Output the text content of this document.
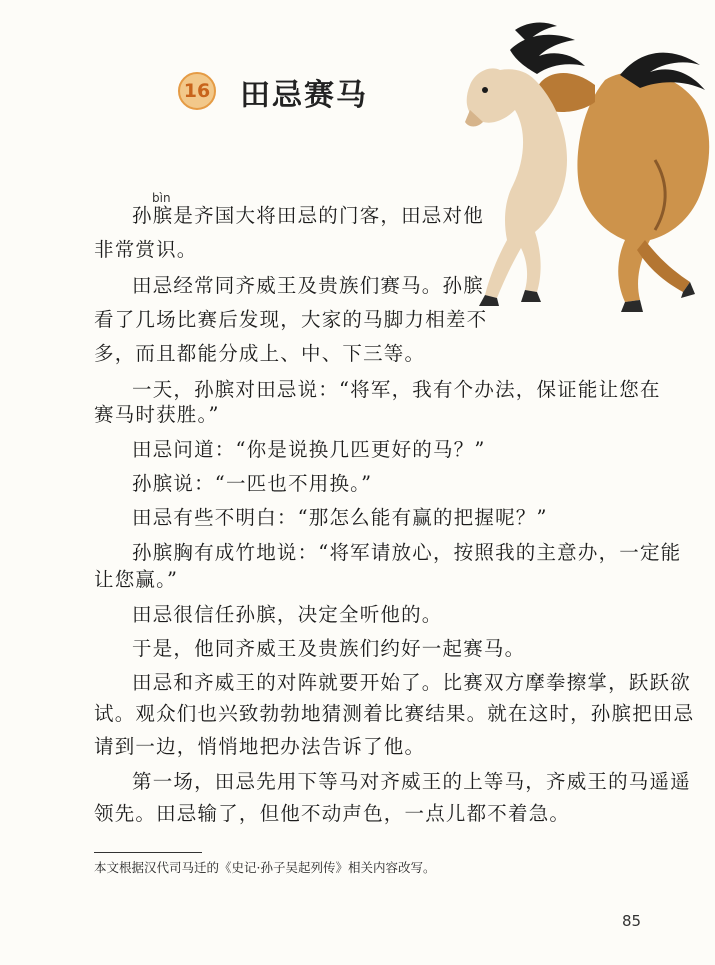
16 田忌赛马
bìn

孙膑是齐国大将田忌的门客，田忌对他

非常赏识。

田忌经常同齐威王及贵族们赛马。孙膑

看了几场比赛后发现，大家的马脚力相差不

多，而且都能分成上、中、下三等。

一天，孙膑对田忌说：“将军，我有个办法，保证能让您在

赛马时获胜。”

田忌问道：“你是说换几匹更好的马？”

孙膑说：“一匹也不用换。”

田忌有些不明白：“那怎么能有赢的把握呢？”

孙膑胸有成竹地说：“将军请放心，按照我的主意办，一定能

让您赢。”

田忌很信任孙膑，决定全听他的。

于是，他同齐威王及贵族们约好一起赛马。

田忌和齐威王的对阵就要开始了。比赛双方摩拳擦掌，跃跃欲

试。观众们也兴致勃勃地猜测着比赛结果。就在这时，孙膑把田忌

请到一边，悄悄地把办法告诉了他。

第一场，田忌先用下等马对齐威王的上等马，齐威王的马遥遥

领先。田忌输了，但他不动声色，一点儿都不着急。

本文根据汉代司马迁的《史记·孙子吴起列传》相关内容改写。
85
